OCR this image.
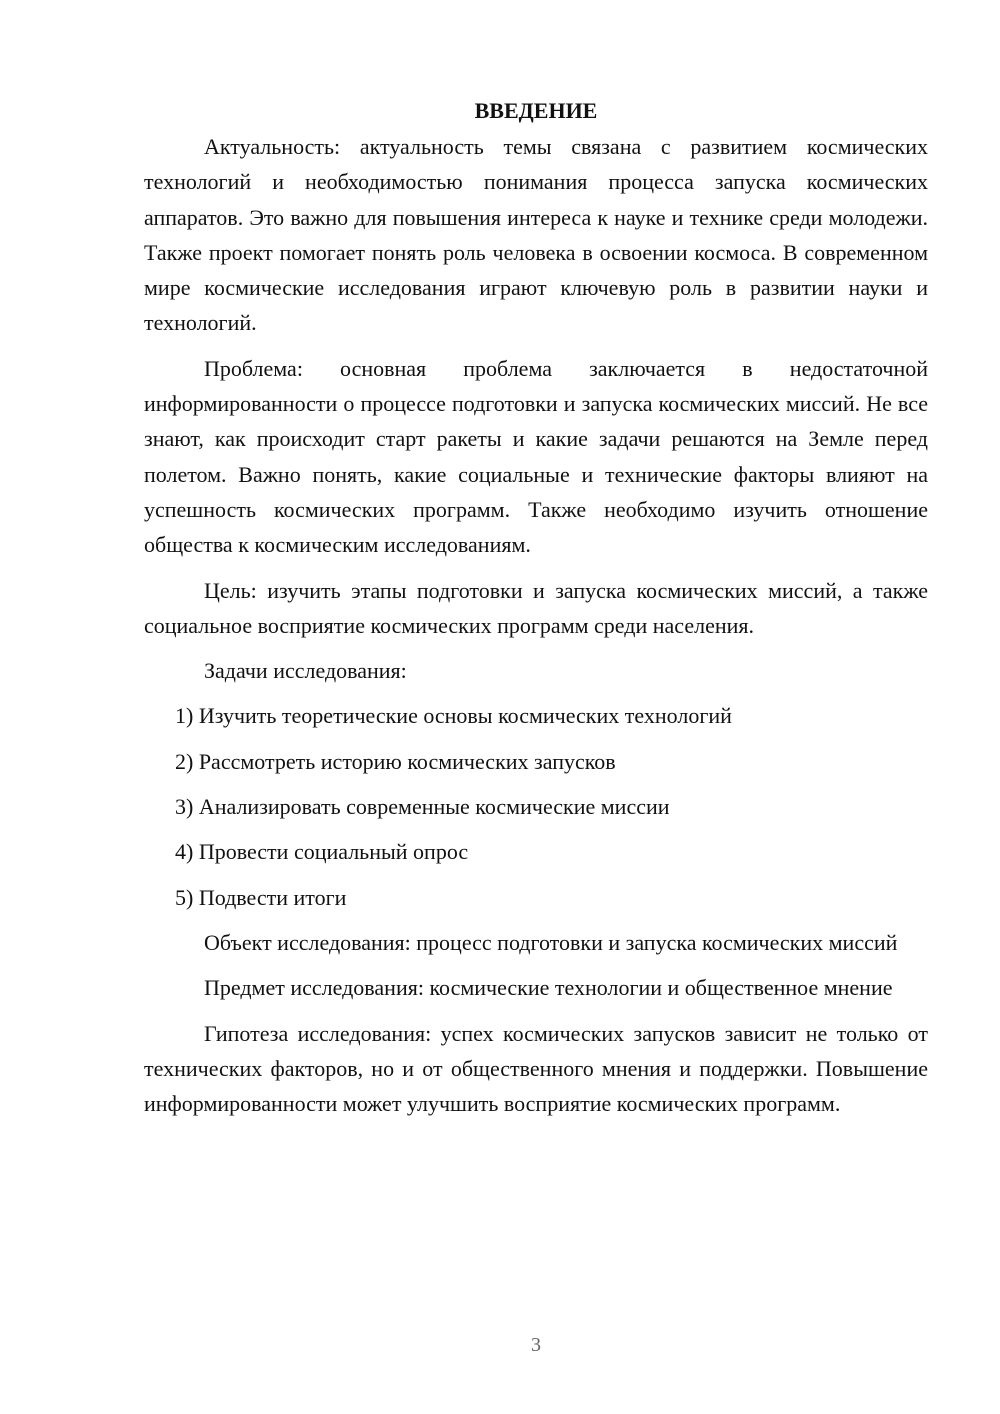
ВВЕДЕНИЕ

Актуальность: актуальность темы связана с развитием космических технологий и необходимостью понимания процесса запуска космических аппаратов. Это важно для повышения интереса к науке и технике среди молодежи. Также проект помогает понять роль человека в освоении космоса. В современном мире космические исследования играют ключевую роль в развитии науки и технологий.

Проблема: основная проблема заключается в недостаточной информированности о процессе подготовки и запуска космических миссий. Не все знают, как происходит старт ракеты и какие задачи решаются на Земле перед полетом. Важно понять, какие социальные и технические факторы влияют на успешность космических программ. Также необходимо изучить отношение общества к космическим исследованиям.

Цель: изучить этапы подготовки и запуска космических миссий, а также социальное восприятие космических программ среди населения.

Задачи исследования:

1) Изучить теоретические основы космических технологий
2) Рассмотреть историю космических запусков
3) Анализировать современные космические миссии
4) Провести социальный опрос
5) Подвести итоги

Объект исследования: процесс подготовки и запуска космических миссий

Предмет исследования: космические технологии и общественное мнение

Гипотеза исследования: успех космических запусков зависит не только от технических факторов, но и от общественного мнения и поддержки. Повышение информированности может улучшить восприятие космических программ.

3
